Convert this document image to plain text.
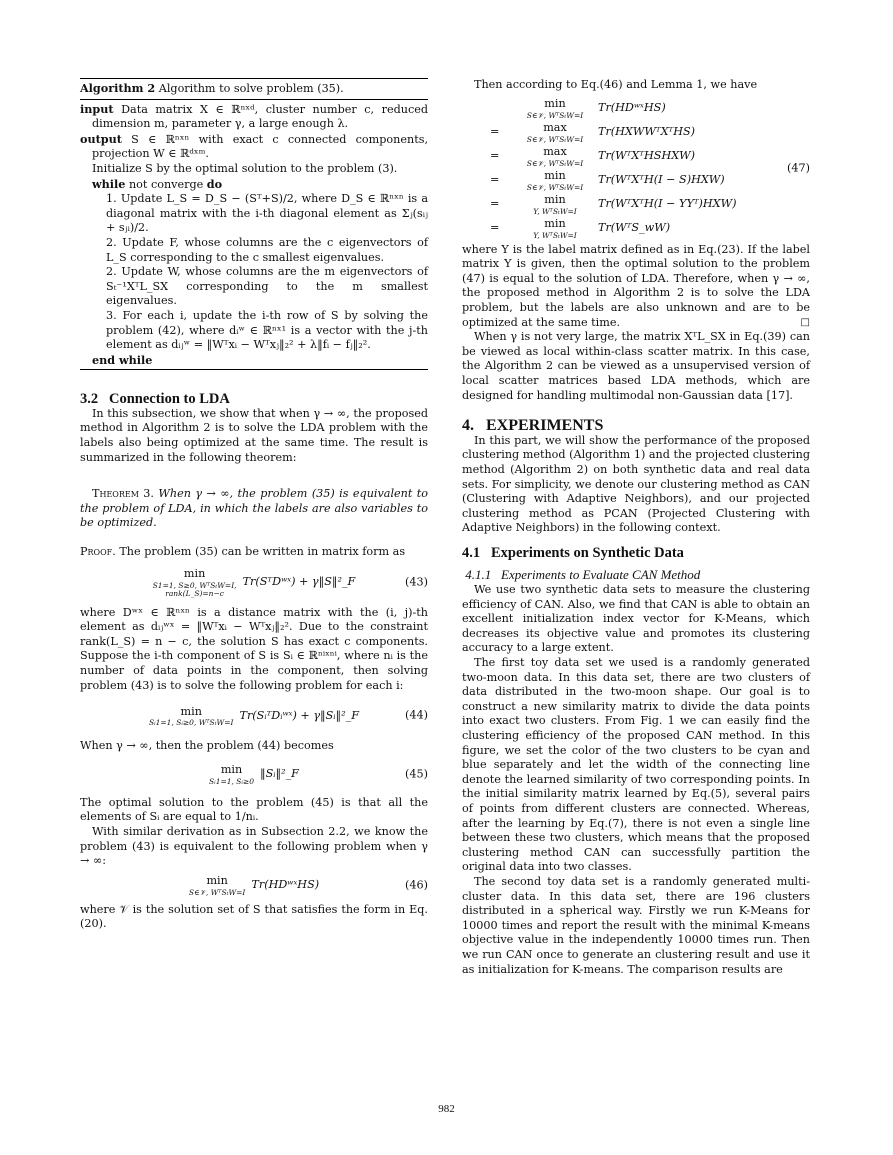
Algorithm 2 Algorithm to solve problem (35).

input Data matrix X ∈ ℝⁿˣᵈ, cluster number c, reduced dimension m, parameter γ, a large enough λ.

output S ∈ ℝⁿˣⁿ with exact c connected components, projection W ∈ ℝᵈˣᵐ.

Initialize S by the optimal solution to the problem (3).

while not converge do

1. Update L_S = D_S − (Sᵀ+S)/2, where D_S ∈ ℝⁿˣⁿ is a diagonal matrix with the i-th diagonal element as Σⱼ(sᵢⱼ + sⱼᵢ)/2.

2. Update F, whose columns are the c eigenvectors of L_S corresponding to the c smallest eigenvalues.

2. Update W, whose columns are the m eigenvectors of Sₜ⁻¹XᵀL_SX corresponding to the m smallest eigenvalues.

3. For each i, update the i-th row of S by solving the problem (42), where dᵢʷ ∈ ℝⁿˣ¹ is a vector with the j-th element as dᵢⱼʷ = ‖Wᵀxᵢ − Wᵀxⱼ‖₂² + λ‖fᵢ − fⱼ‖₂².

end while

3.2 Connection to LDA

In this subsection, we show that when γ → ∞, the proposed method in Algorithm 2 is to solve the LDA problem with the labels also being optimized at the same time. The result is summarized in the following theorem:

Theorem 3. When γ → ∞, the problem (35) is equivalent to the problem of LDA, in which the labels are also variables to be optimized.

Proof. The problem (35) can be written in matrix form as

min
S1=1, S≥0, WᵀSₜW=I,
rank(L_S)=n−c
Tr(SᵀDʷˣ) + γ‖S‖²_F	(43)

where Dʷˣ ∈ ℝⁿˣⁿ is a distance matrix with the (i, j)-th element as dᵢⱼʷˣ = ‖Wᵀxᵢ − Wᵀxⱼ‖₂². Due to the constraint rank(L_S) = n − c, the solution S has exact c components. Suppose the i-th component of S is Sᵢ ∈ ℝⁿⁱˣⁿⁱ, where nᵢ is the number of data points in the component, then solving problem (43) is to solve the following problem for each i:

min
Sᵢ1=1, Sᵢ≥0, WᵀSₜW=I
Tr(SᵢᵀDᵢʷˣ) + γ‖Sᵢ‖²_F	(44)

When γ → ∞, then the problem (44) becomes

min
Sᵢ1=1, Sᵢ≥0
‖Sᵢ‖²_F	(45)

The optimal solution to the problem (45) is that all the elements of Sᵢ are equal to 1/nᵢ.

With similar derivation as in Subsection 2.2, we know the problem (43) is equivalent to the following problem when γ → ∞:

min
S∈𝒱, WᵀSₜW=I
Tr(HDʷˣHS)	(46)

where 𝒱 is the solution set of S that satisfies the form in Eq.(20).

Then according to Eq.(46) and Lemma 1, we have

min
S∈𝒱, WᵀSₜW=I
Tr(HDʷˣHS)
=	max
S∈𝒱, WᵀSₜW=I
Tr(HXWWᵀXᵀHS)
=	max
S∈𝒱, WᵀSₜW=I
Tr(WᵀXᵀHSHXW)
=	min
S∈𝒱, WᵀSₜW=I
Tr(WᵀXᵀH(I − S)HXW)
=	min
Y, WᵀSₜW=I
Tr(WᵀXᵀH(I − YYᵀ)HXW)
=	min
Y, WᵀSₜW=I
Tr(WᵀS_wW)
(47)

where Y is the label matrix defined as in Eq.(23). If the label matrix Y is given, then the optimal solution to the problem (47) is equal to the solution of LDA. Therefore, when γ → ∞, the proposed method in Algorithm 2 is to solve the LDA problem, but the labels are also unknown and are to be optimized at the same time.	□

When γ is not very large, the matrix XᵀL_SX in Eq.(39) can be viewed as local within-class scatter matrix. In this case, the Algorithm 2 can be viewed as a unsupervised version of local scatter matrices based LDA methods, which are designed for handling multimodal non-Gaussian data [17].

4. EXPERIMENTS

In this part, we will show the performance of the proposed clustering method (Algorithm 1) and the projected clustering method (Algorithm 2) on both synthetic data and real data sets. For simplicity, we denote our clustering method as CAN (Clustering with Adaptive Neighbors), and our projected clustering method as PCAN (Projected Clustering with Adaptive Neighbors) in the following context.

4.1 Experiments on Synthetic Data
4.1.1 Experiments to Evaluate CAN Method

We use two synthetic data sets to measure the clustering efficiency of CAN. Also, we find that CAN is able to obtain an excellent initialization index vector for K-Means, which decreases its objective value and promotes its clustering accuracy to a large extent.

The first toy data set we used is a randomly generated two-moon data. In this data set, there are two clusters of data distributed in the two-moon shape. Our goal is to construct a new similarity matrix to divide the data points into exact two clusters. From Fig. 1 we can easily find the clustering efficiency of the proposed CAN method. In this figure, we set the color of the two clusters to be cyan and blue separately and let the width of the connecting line denote the learned similarity of two corresponding points. In the initial similarity matrix learned by Eq.(5), several pairs of points from different clusters are connected. Whereas, after the learning by Eq.(7), there is not even a single line between these two clusters, which means that the proposed clustering method CAN can successfully partition the original data into two classes.

The second toy data set is a randomly generated multi-cluster data. In this data set, there are 196 clusters distributed in a spherical way. Firstly we run K-Means for 10000 times and report the result with the minimal K-means objective value in the independently 10000 times run. Then we run CAN once to generate an clustering result and use it as initialization for K-means. The comparison results are

982
